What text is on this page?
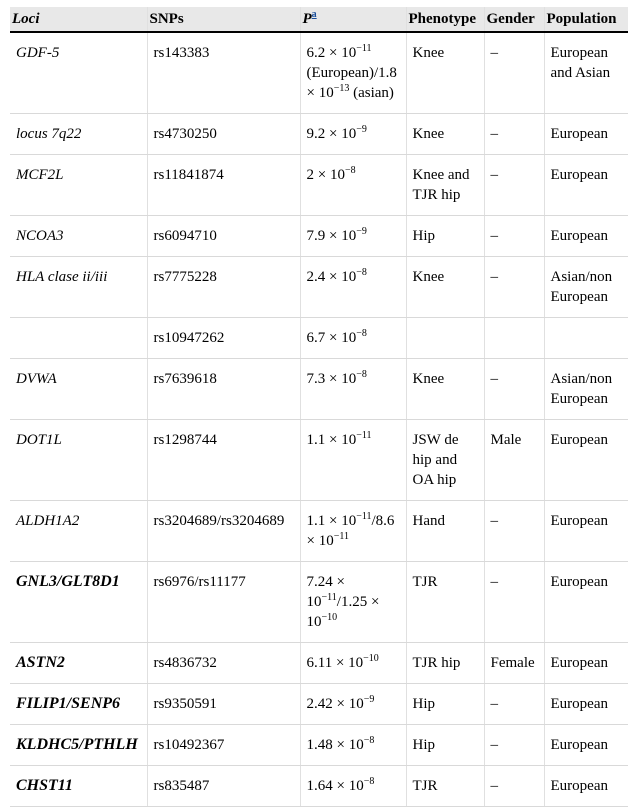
Loci	SNPs	$P^a$	Phenotype	Gender	Population
GDF-5	rs143383	$6.2 \times 10^{-11}$ (European)/1.8 × $10^{-13}$ (asian)	Knee	–	European and Asian
locus 7q22	rs4730250	$9.2 \times 10^{-9}$	Knee	–	European
MCF2L	rs11841874	$2 \times 10^{-8}$	Knee and TJR hip	–	European
NCOA3	rs6094710	$7.9 \times 10^{-9}$	Hip	–	European
HLA clase ii/iii	rs7775228	$2.4 \times 10^{-8}$	Knee	–	Asian/non European
	rs10947262	$6.7 \times 10^{-8}$			
DVWA	rs7639618	$7.3 \times 10^{-8}$	Knee	–	Asian/non European
DOT1L	rs1298744	$1.1 \times 10^{-11}$	JSW de hip and OA hip	Male	European
ALDH1A2	rs3204689/rs3204689	$1.1 \times 10^{-11}/8.6 \times 10^{-11}$	Hand	–	European
GNL3/GLT8D1	rs6976/rs11177	$7.24 \times 10^{-11}/1.25 \times 10^{-10}$	TJR	–	European
ASTN2	rs4836732	$6.11 \times 10^{-10}$	TJR hip	Female	European
FILIP1/SENP6	rs9350591	$2.42 \times 10^{-9}$	Hip	–	European
KLDHC5/PTHLH	rs10492367	$1.48 \times 10^{-8}$	Hip	–	European
CHST11	rs835487	$1.64 \times 10^{-8}$	TJR	–	European
